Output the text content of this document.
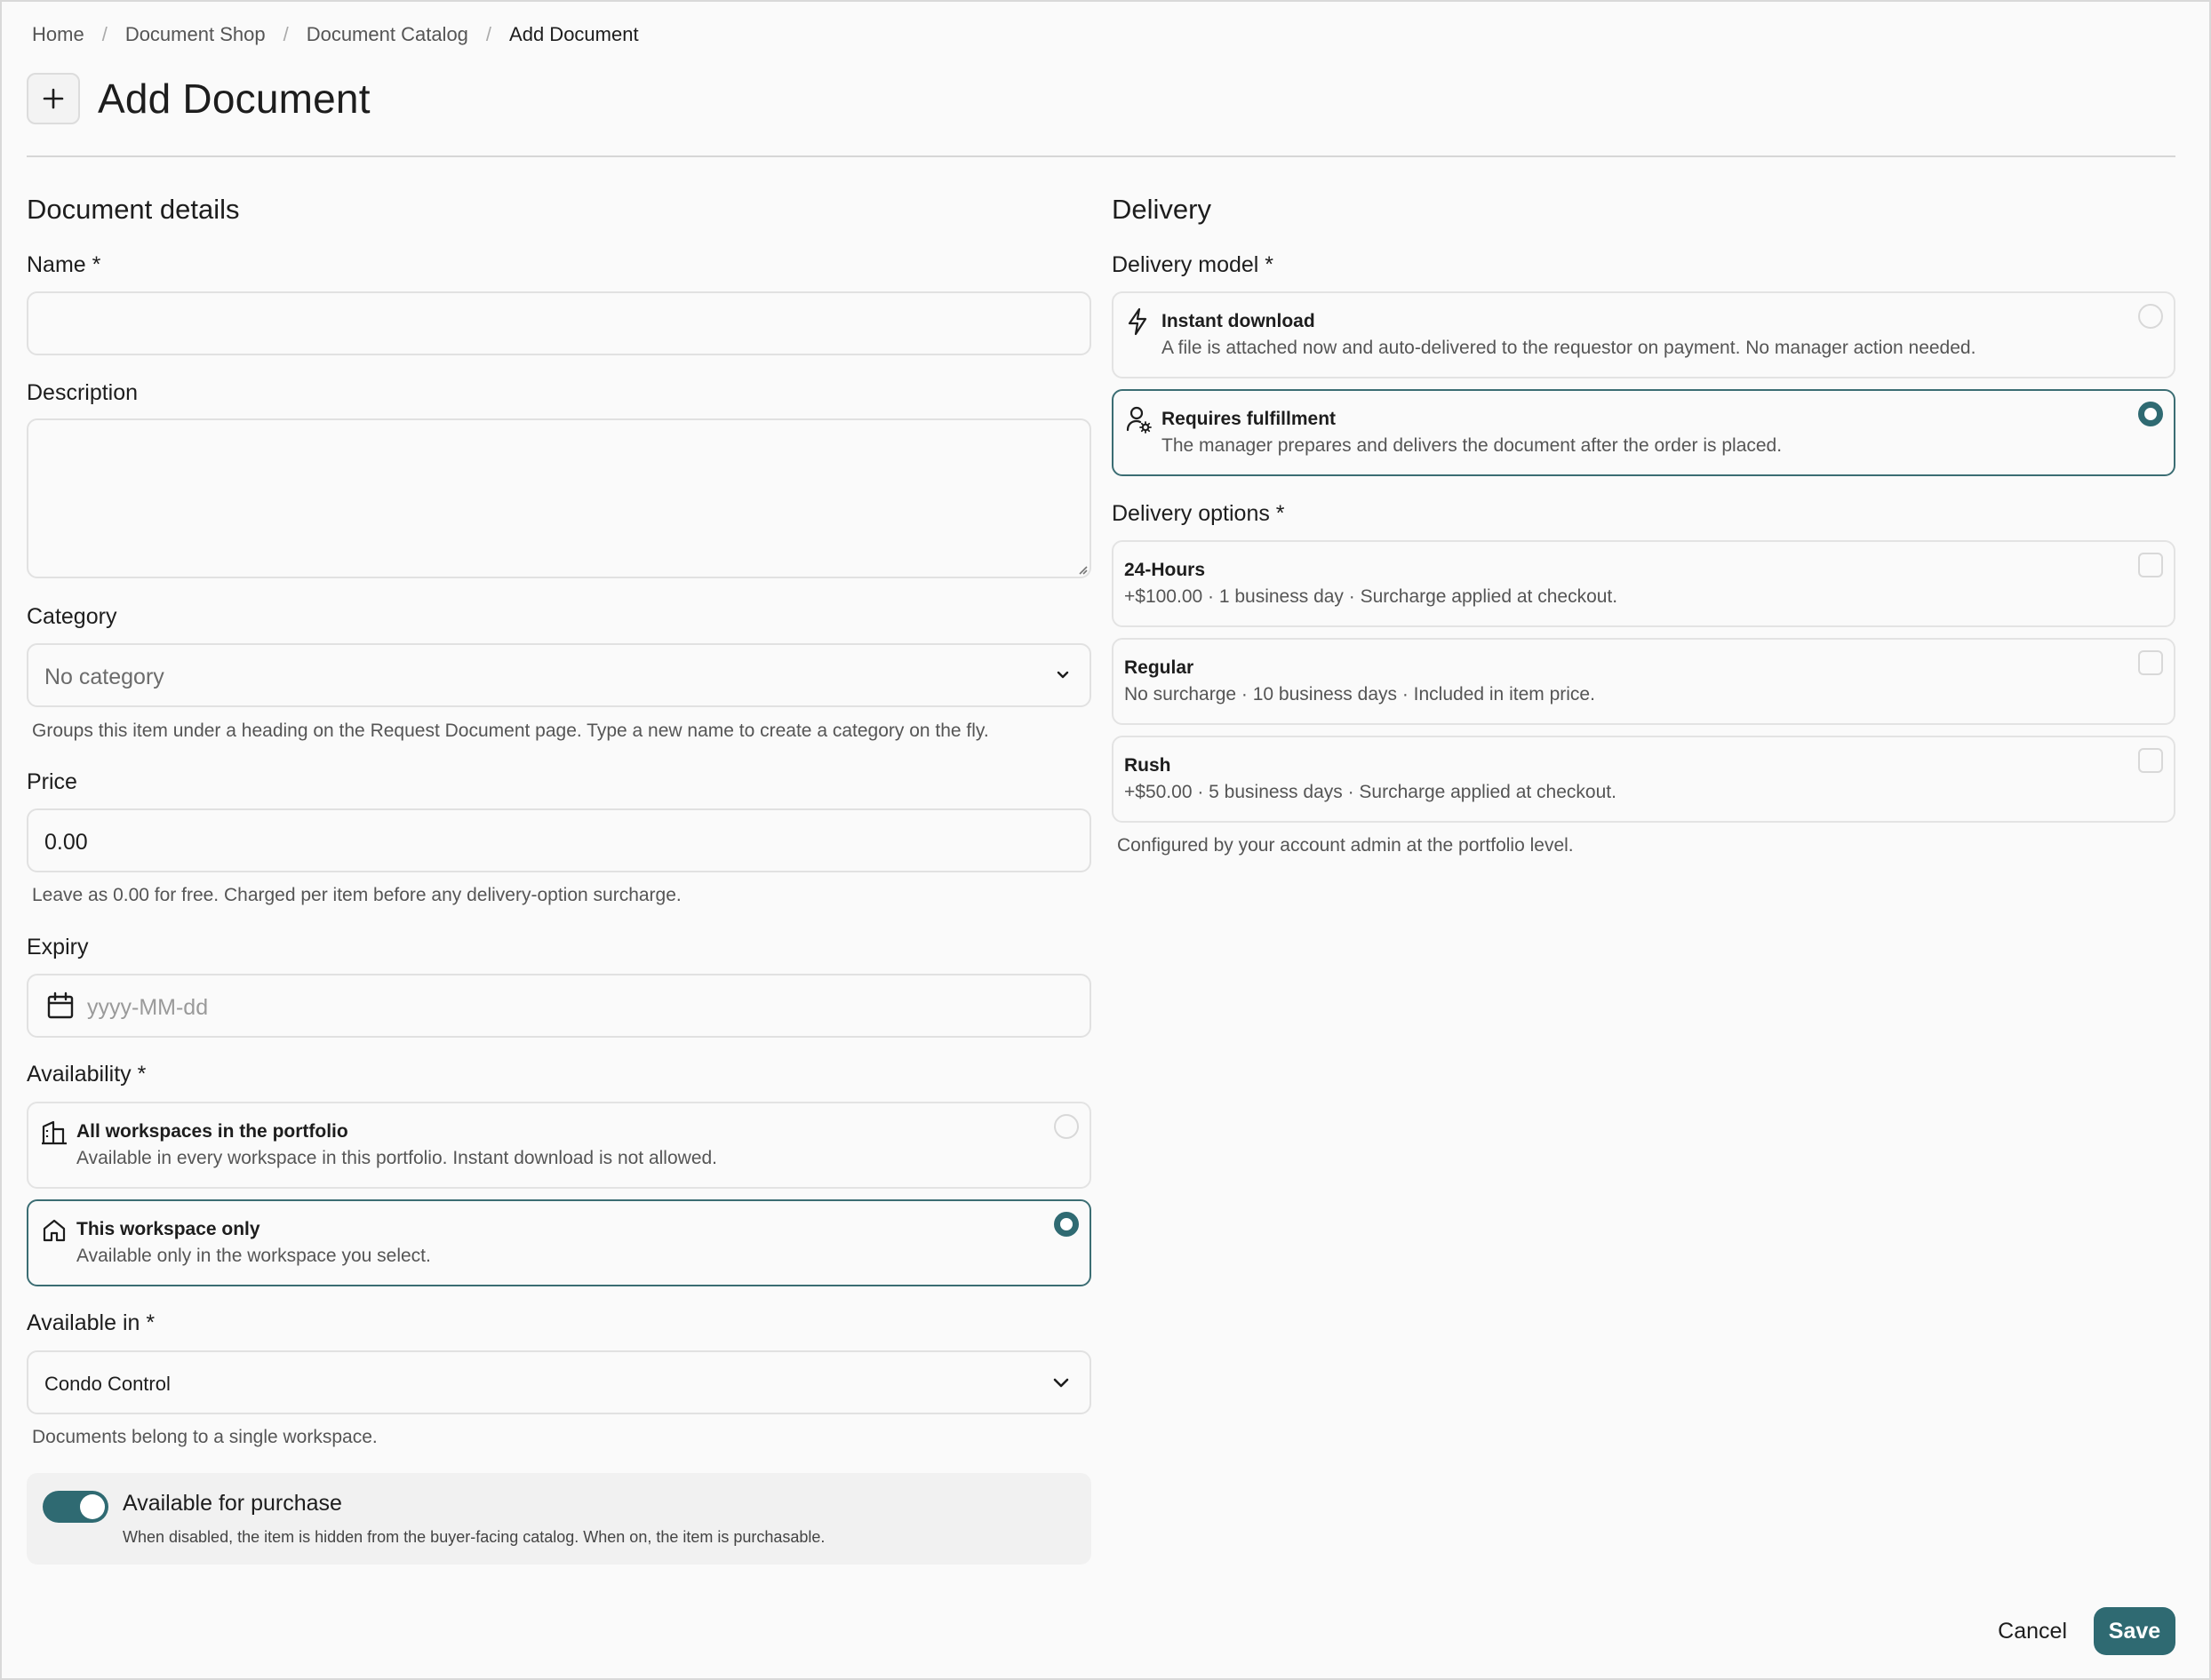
Home / Document Shop / Document Catalog / Add Document
Add Document
Document details
Name *
Description
Category
No category

Groups this item under a heading on the Request Document page. Type a new name to create a category on the fly.

Price
0.00

Leave as 0.00 for free. Charged per item before any delivery-option surcharge.

Expiry
yyyy-MM-dd
Availability *
All workspaces in the portfolio
Available in every workspace in this portfolio. Instant download is not allowed.
This workspace only
Available only in the workspace you select.
Available in *
Condo Control

Documents belong to a single workspace.

Available for purchase
When disabled, the item is hidden from the buyer-facing catalog. When on, the item is purchasable.
Delivery
Delivery model *
Instant download
A file is attached now and auto-delivered to the requestor on payment. No manager action needed.
Requires fulfillment
The manager prepares and delivers the document after the order is placed.
Delivery options *
24-Hours
+$100.00 · 1 business day · Surcharge applied at checkout.
Regular
No surcharge · 10 business days · Included in item price.
Rush
+$50.00 · 5 business days · Surcharge applied at checkout.

Configured by your account admin at the portfolio level.

Cancel	Save
